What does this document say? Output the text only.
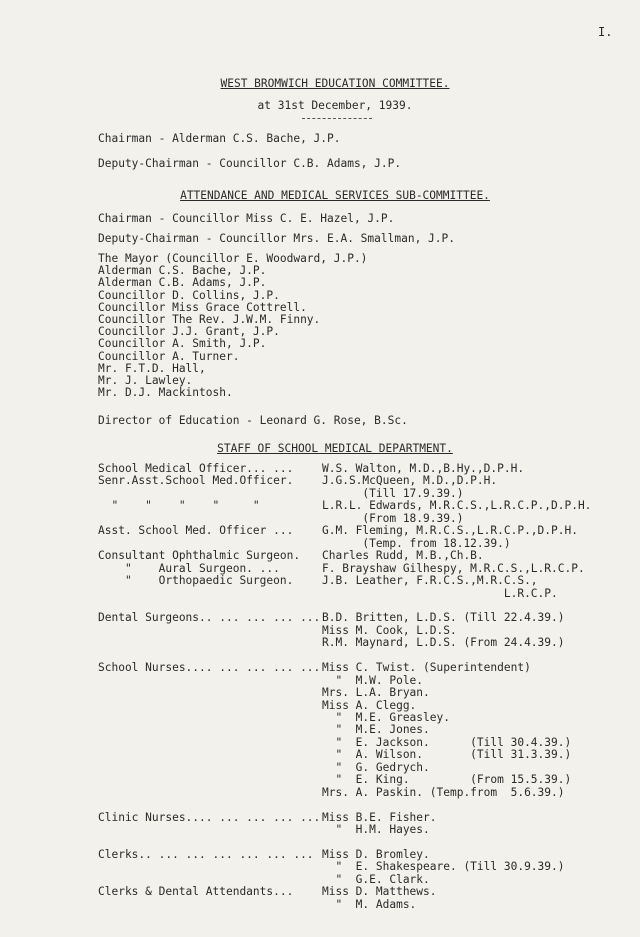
I.
WEST BROMWICH EDUCATION COMMITTEE.
at 31st December, 1939.
Chairman - Alderman C.S. Bache, J.P.
Deputy-Chairman - Councillor C.B. Adams, J.P.
ATTENDANCE AND MEDICAL SERVICES SUB-COMMITTEE.
Chairman - Councillor Miss C. E. Hazel, J.P.
Deputy-Chairman - Councillor Mrs. E.A. Smallman, J.P.
The Mayor (Councillor E. Woodward, J.P.)
Alderman C.S. Bache, J.P.
Alderman C.B. Adams, J.P.
Councillor D. Collins, J.P.
Councillor Miss Grace Cottrell.
Councillor The Rev. J.W.M. Finny.
Councillor J.J. Grant, J.P.
Councillor A. Smith, J.P.
Councillor A. Turner.
Mr. F.T.D. Hall,
Mr. J. Lawley.
Mr. D.J. Mackintosh.
Director of Education - Leonard G. Rose, B.Sc.
STAFF OF SCHOOL MEDICAL DEPARTMENT.
School Medical Officer... ...	W.S. Walton, M.D.,B.Hy.,D.P.H.
Senr.Asst.School Med.Officer.	J.G.S.McQueen, M.D.,D.P.H.
(Till 17.9.39.)
"    "    "    "     "	L.R.L. Edwards, M.R.C.S.,L.R.C.P.,D.P.H.
(From 18.9.39.)
Asst. School Med. Officer ...	G.M. Fleming, M.R.C.S.,L.R.C.P.,D.P.H.
(Temp. from 18.12.39.)
Consultant Ophthalmic Surgeon. Charles Rudd, M.B.,Ch.B.
"    Aural Surgeon. ...	F. Brayshaw Gilhespy, M.R.C.S.,L.R.C.P.
"    Orthopaedic Surgeon.	J.B. Leather, F.R.C.S.,M.R.C.S.,
L.R.C.P.
Dental Surgeons.. ... ... ... ... B.D. Britten, L.D.S. (Till 22.4.39.)
Miss M. Cook, L.D.S.
R.M. Maynard, L.D.S. (From 24.4.39.)
School Nurses.... ... ... ... ... Miss C. Twist. (Superintendent)
"  M.W. Pole.
Mrs. L.A. Bryan.
Miss A. Clegg.
"  M.E. Greasley.
"  M.E. Jones.
"  E. Jackson.      (Till 30.4.39.)
"  A. Wilson.       (Till 31.3.39.)
"  G. Gedrych.
"  E. King.         (From 15.5.39.)
Mrs. A. Paskin. (Temp.from  5.6.39.)
Clinic Nurses.... ... ... ... ... Miss B.E. Fisher.
"  H.M. Hayes.
Clerks.. ... ... ... ... ... ... Miss D. Bromley.
"  E. Shakespeare. (Till 30.9.39.)
"  G.E. Clark.
Clerks & Dental Attendants...	Miss D. Matthews.
"  M. Adams.
